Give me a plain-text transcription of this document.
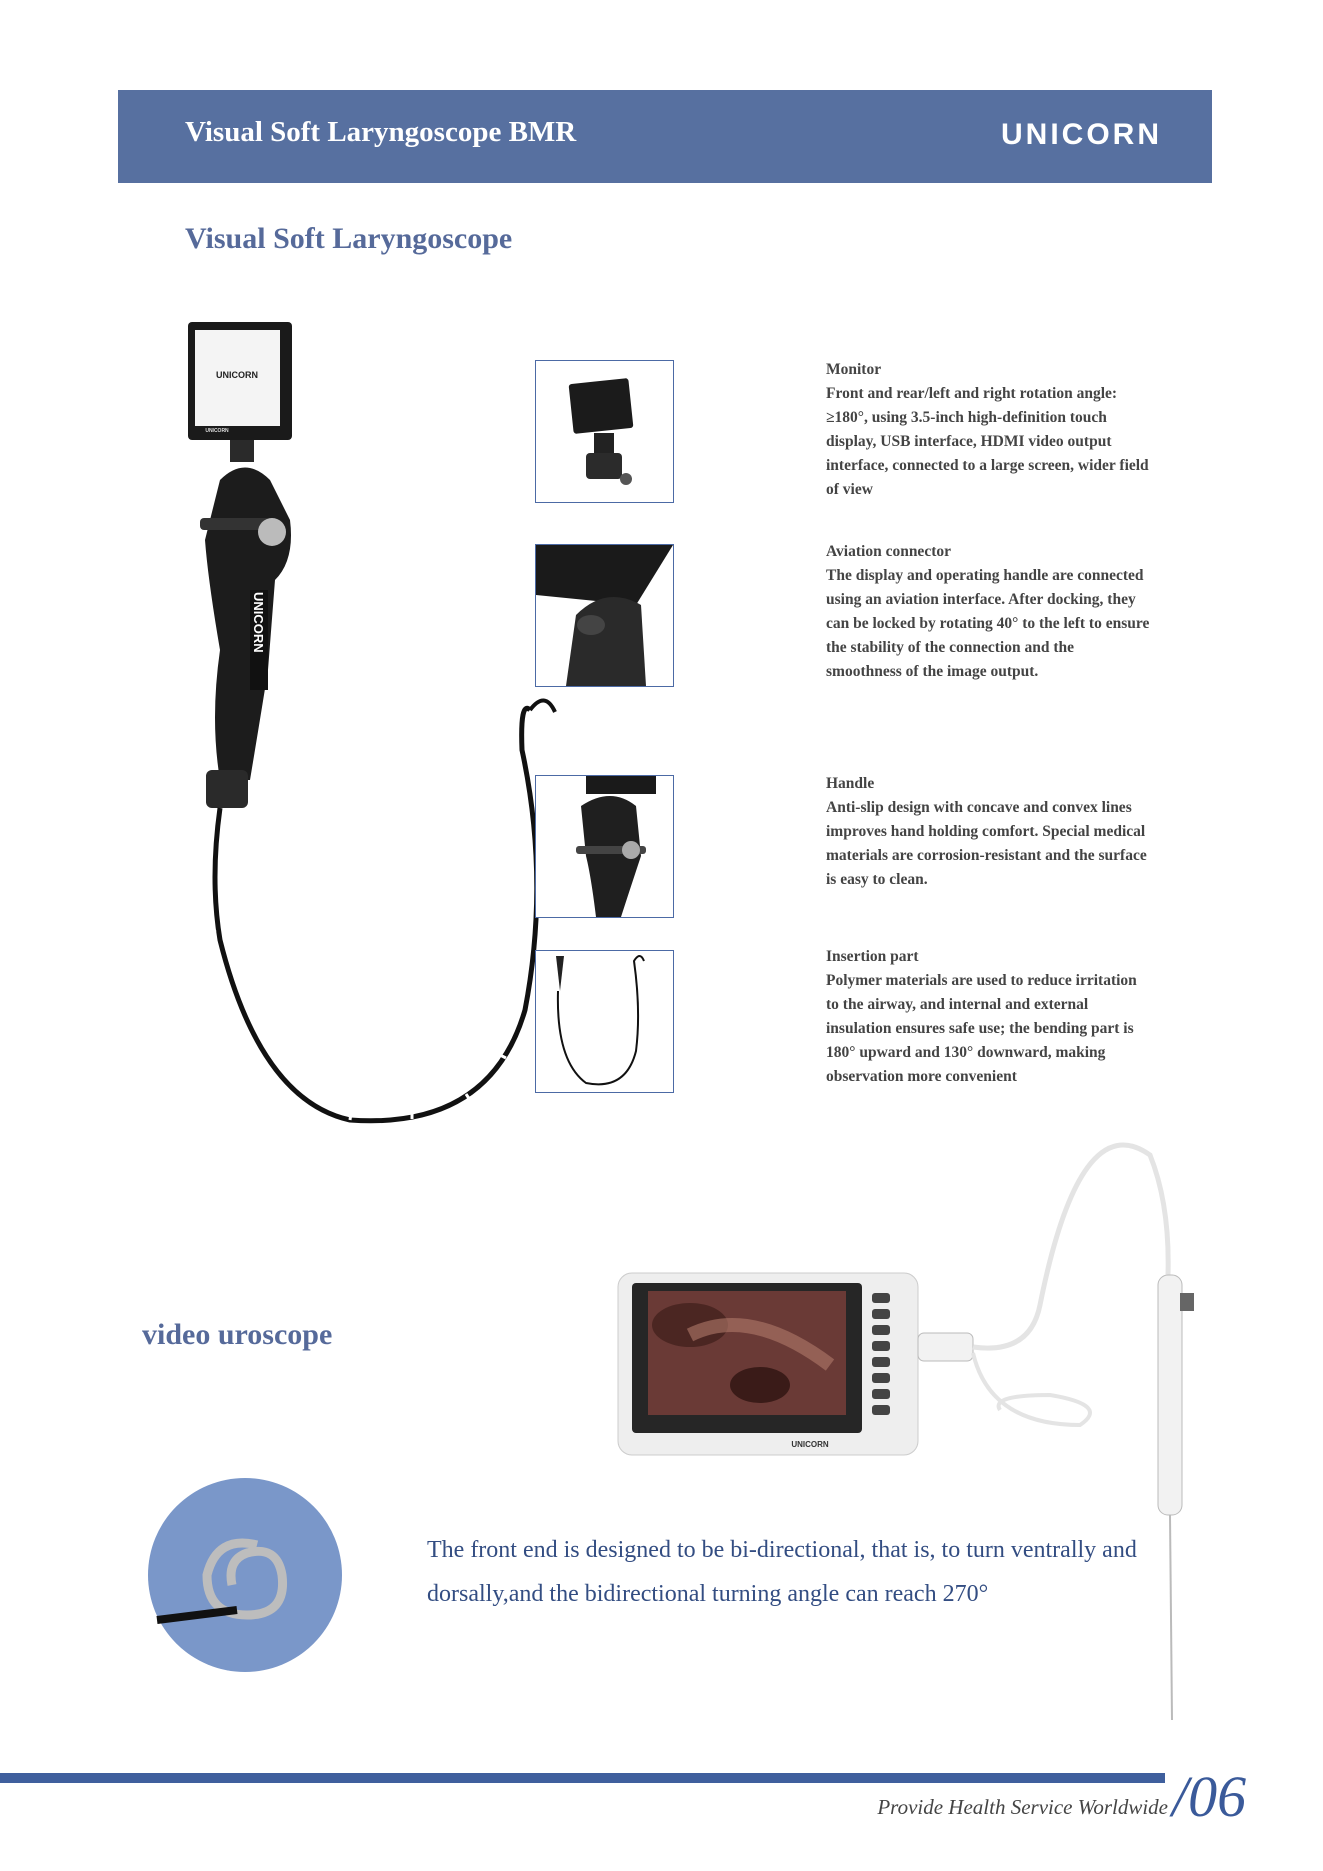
Visual Soft Laryngoscope BMR	UNICORN
Visual Soft Laryngoscope
UNICORN
UNICORN
UNICORN
Monitor
Front and rear/left and right rotation angle: ≥180°, using 3.5-inch high-definition touch display, USB interface, HDMI video output interface, connected to a large screen, wider field of view
Aviation connector
The display and operating handle are connected using an aviation interface. After docking, they can be locked by rotating 40° to the left to ensure the stability of the connection and the smoothness of the image output.
Handle
Anti-slip design with concave and convex lines improves hand holding comfort. Special medical materials are corrosion-resistant and the surface is easy to clean.
Insertion part
Polymer materials are used to reduce irritation to the airway, and internal and external insulation ensures safe use; the bending part is 180° upward and 130° downward, making observation more convenient
video uroscope
UNICORN
The front end is designed to be bi-directional, that is, to turn ventrally and dorsally,and the bidirectional turning angle can reach 270°
Provide Health Service Worldwide /06
